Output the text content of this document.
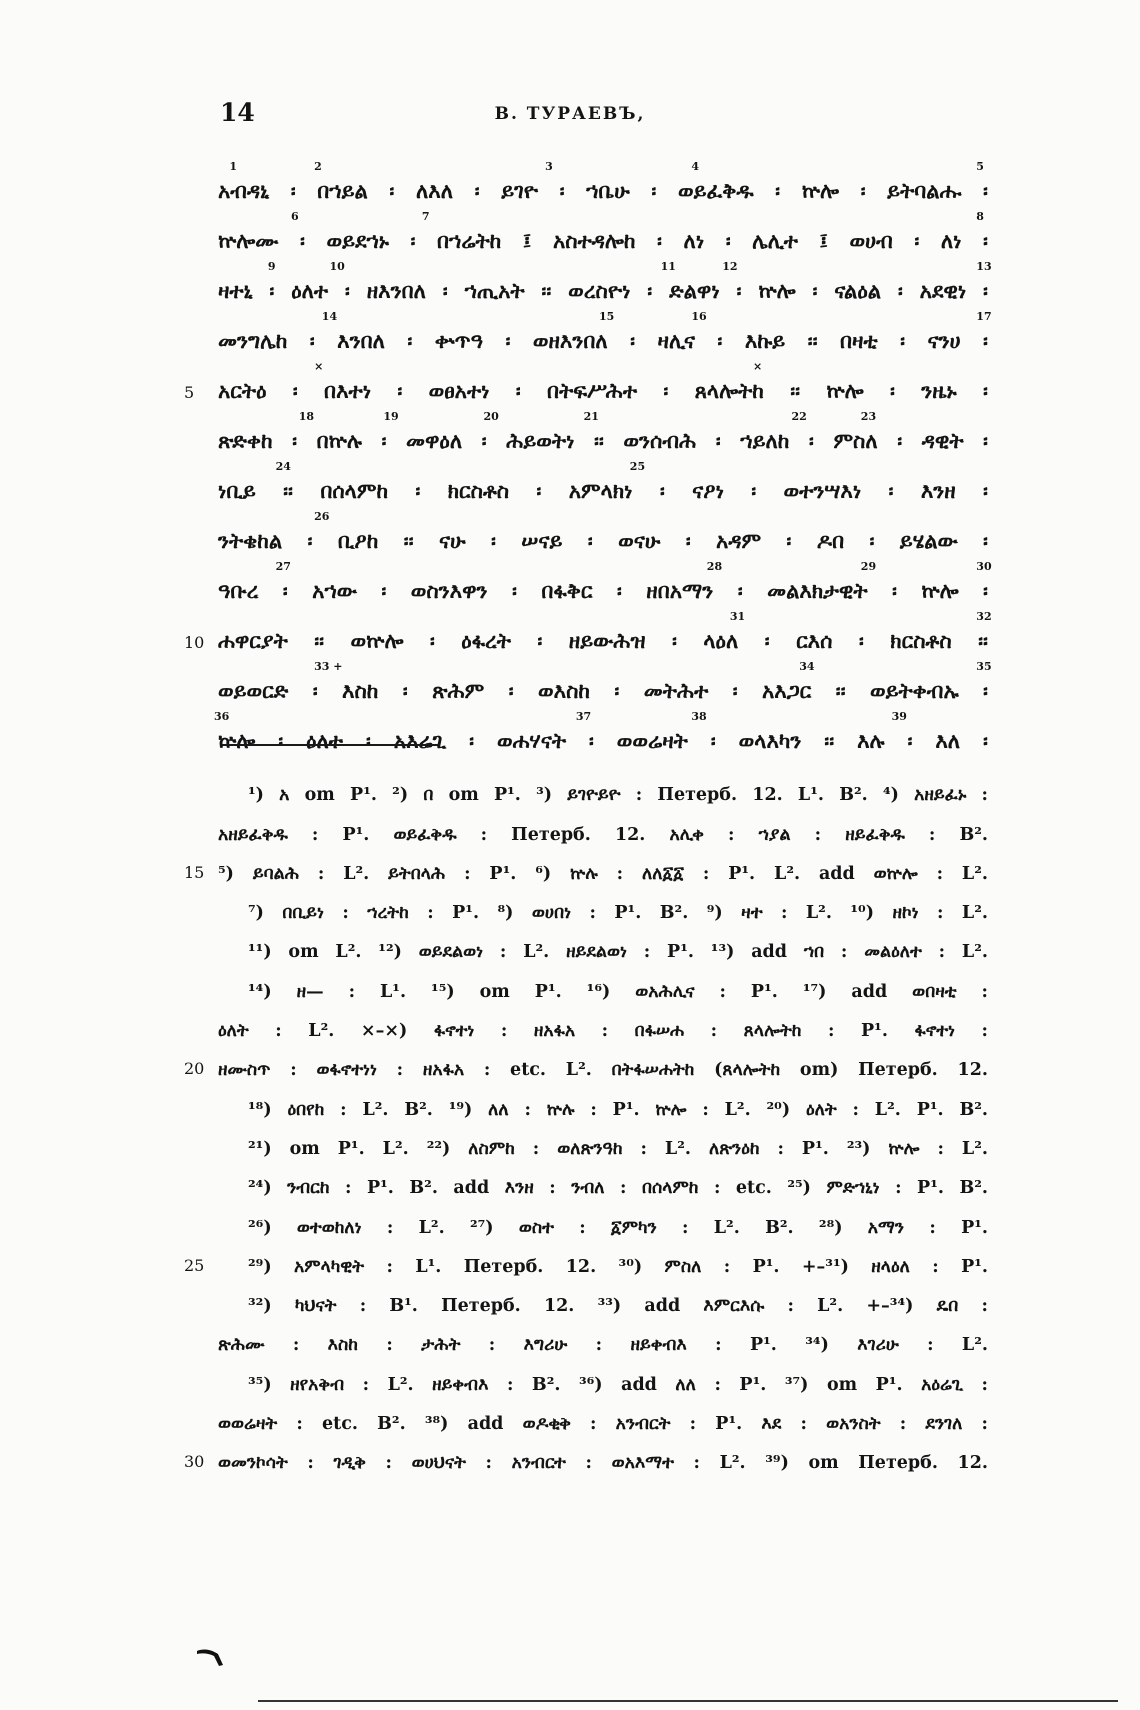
14	В. ТУРАЕВЪ,
1	2	3	4	5
አብዳኒ ፡ በኀይል ፡ ለእለ ፡ ይገዮ ፡ ኀቤሁ ፡ ወይፈቅዱ ፡ ኵሎ ፡ ይትባልሑ ፡
6	7	8
ኵሎሙ ፡ ወይደኀኑ ፡ በኀሬትከ ፤ አስተዳሎከ ፡ ለነ ፡ ሌሊተ ፤ ወሀብ ፡ ለነ ፡
9	10	11	12	13
ዛተኒ ፡ ዕለተ ፡ ዘእንበለ ፡ ኀጢአት ፡፡ ወረስዮነ ፡ ድልዋነ ፡ ኵሎ ፡ ናልዕል ፡ አደዊነ ፡
14	15	16	17
መንግሌከ ፡ እንበለ ፡ ቍጥዓ ፡ ወዘእንበለ ፡ ዛሊና ፡ እኩይ ፡፡ በዛቲ ፡ ናንሀ ፡
×	×
5 አርትዕ ፡ በእተነ ፡ ወፀአተነ ፡ በትፍሥሕተ ፡ ጸላሎትከ ፡፡ ኵሎ ፡ ንዜኑ ፡
18	19	20	21	22	23
ጽድቀከ ፡ በኵሉ ፡ መዋዕለ ፡ ሕይወትነ ፡፡ ወንሰብሕ ፡ ኀይለከ ፡ ምስለ ፡ ዳዊት ፡
24	25
ነቢይ ፡፡ በሰላምከ ፡ ክርስቶስ ፡ አምላክነ ፡ ናዖነ ፡ ወተንሣእነ ፡ እንዘ ፡
26
ንትቄከል ፡ ቢዖከ ፡፡ ናሁ ፡ ሠናይ ፡ ወናሁ ፡ አዳም ፡ ዶበ ፡ ይሄልው ፡
27	28	29	30
ዓቡረ ፡ አኀው ፡ ወስንእዋን ፡ በፋቅር ፡ ዘበአማን ፡ መልእክታዊት ፡ ኵሎ ፡
31	32
10 ሐዋርያት ፡፡ ወኵሎ ፡ ዕፋረት ፡ ዘይውሕዝ ፡ ላዕለ ፡ ርእሰ ፡ ክርስቶስ ፡፡
33 +	34	35
ወይወርድ ፡ እስከ ፡ ጽሕም ፡ ወእስከ ፡ መትሕተ ፡ አእጋር ፡፡ ወይትቀብኡ ፡
36	37	38	39
ኵሎ ፡ ዕለተ ፡ አእሬጊ ፡ ወሐሃናት ፡ ወወሬዛት ፡ ወላእካን ፡፡ እሉ ፡ እለ ፡
¹) አ om P¹. ²) በ om P¹. ³) ይገዮይዮ : Петерб. 12. L¹. B². ⁴) አዘይፈኑ :
አዘይፈቅዱ : P¹. ወይፈቅዱ : Петерб. 12. አሊቀ : ኀያል : ዘይፈቅዱ : B².
15 ⁵) ይባልሕ : L². ይትበላሕ : P¹. ⁶) ኵሉ : ለለ፩፩ : P¹. L². add ወኵሎ : L².
⁷) በቢይነ : ኀረትከ : P¹. ⁸) ወሀበነ : P¹. B². ⁹) ዛተ : L². ¹⁰) ዘኮነ : L².
¹¹) om L². ¹²) ወይደልወነ : L². ዘይደልወነ : P¹. ¹³) add ኀበ : መልዕለተ : L².
¹⁴) ዘ— : L¹. ¹⁵) om P¹. ¹⁶) ወአሕሊና : P¹. ¹⁷) add ወበዛቲ :
ዕለት : L². ×–×) ፋኖተነ : ዘአፋአ : በፋሠሐ : ጸላሎትከ : P¹. ፋኖተነ :
20 ዘሙስጥ : ወፋኖተነነ : ዘአፋአ : etc. L². በትፋሠሐትከ (ጸላሎትከ om) Петерб. 12.
¹⁸) ዕበየከ : L². B². ¹⁹) ለለ : ኵሉ : P¹. ኵሎ : L². ²⁰) ዕለት : L². P¹. B².
²¹) om P¹. L². ²²) ለስምከ : ወለጽንዓከ : L². ለጽንዕከ : P¹. ²³) ኵሎ : L².
²⁴) ንብርከ : P¹. B². add እንዘ : ንብለ : በሰላምከ : etc. ²⁵) ምድኀኒነ : P¹. B².
²⁶) ወተወከለነ : L². ²⁷) ወስተ : ፩ምካን : L². B². ²⁸) አማን : P¹.
25 ²⁹) አምላካዊት : L¹. Петерб. 12. ³⁰) ምስለ : P¹. +–³¹) ዘላዕለ : P¹.
³²) ካህናት : B¹. Петерб. 12. ³³) add እምርእሱ : L². +–³⁴) ዴበ :
ጽሕሙ : እስከ : ታሕት : እግሪሁ : ዘይቀብእ : P¹. ³⁴) እገሪሁ : L².
³⁵) ዘየአቅብ : L². ዘይቀብእ : B². ³⁶) add ለለ : P¹. ³⁷) om P¹. አዕሬጊ :
ወወሬዛት : etc. B². ³⁸) add ወዶቂቅ : አንብርት : P¹. እደ : ወአንስት : ደንገለ :
30 ወመንኮሳት : ገዲቅ : ወሀህናት : አንብርተ : ወአእማተ : L². ³⁹) om Петерб. 12.
